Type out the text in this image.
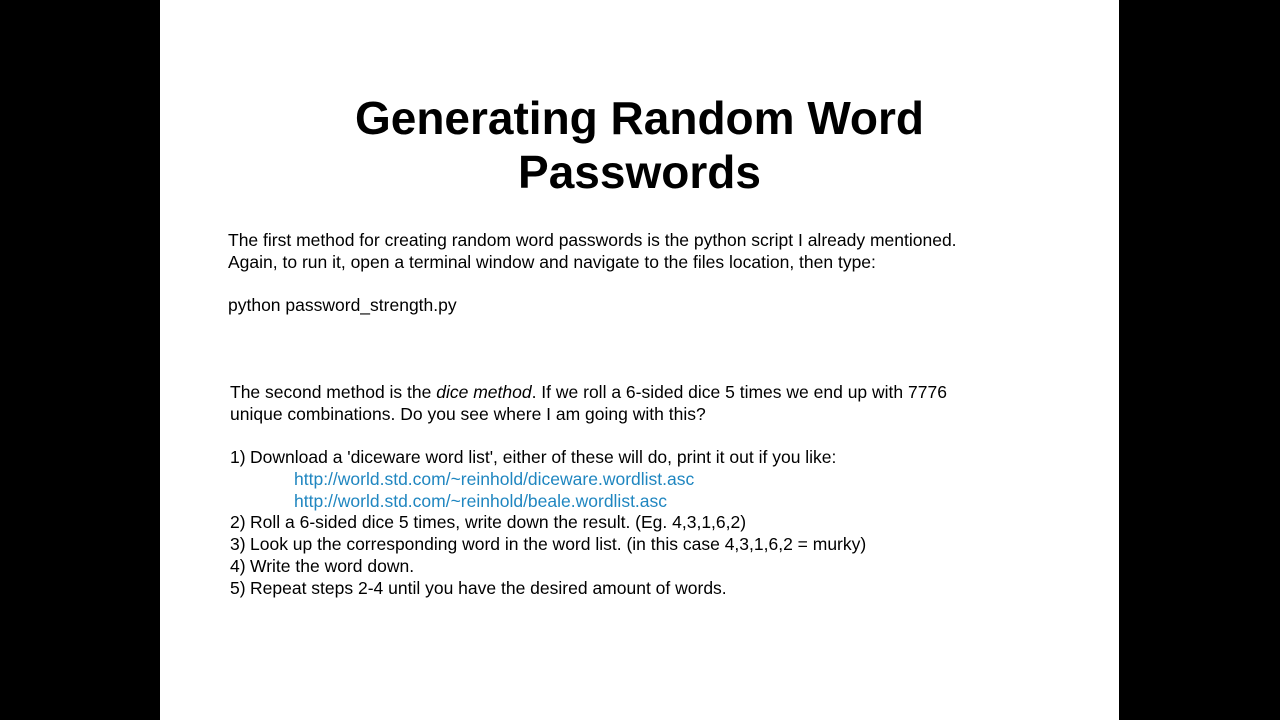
Generating Random Word
Passwords

The first method for creating random word passwords is the python script I already mentioned.
Again, to run it, open a terminal window and navigate to the files location, then type:

python password_strength.py

The second method is the dice method. If we roll a 6-sided dice 5 times we end up with 7776
unique combinations. Do you see where I am going with this?

1) Download a 'diceware word list', either of these will do, print it out if you like:
http://world.std.com/~reinhold/diceware.wordlist.asc
http://world.std.com/~reinhold/beale.wordlist.asc
2) Roll a 6-sided dice 5 times, write down the result. (Eg. 4,3,1,6,2)
3) Look up the corresponding word in the word list. (in this case 4,3,1,6,2 = murky)
4) Write the word down.
5) Repeat steps 2-4 until you have the desired amount of words.
